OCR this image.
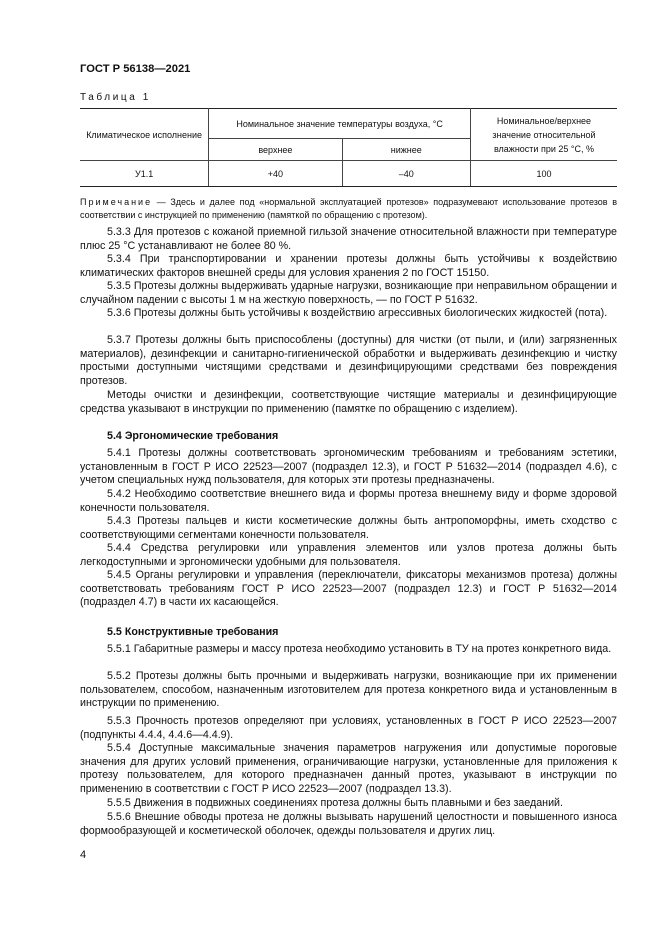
ГОСТ Р 56138—2021
Таблица 1
Климатическое исполнение	Номинальное значение температуры воздуха, °С		Номинальное/верхнее значение относительной влажности при 25 °С, %
	верхнее	нижнее	
У1.1	+40	–40	100
Примечание — Здесь и далее под «нормальной эксплуатацией протезов» подразумевают использование протезов в соответствии с инструкцией по применению (памяткой по обращению с протезом).
5.3.3 Для протезов с кожаной приемной гильзой значение относительной влажности при температуре плюс 25 °С устанавливают не более 80 %.
5.3.4 При транспортировании и хранении протезы должны быть устойчивы к воздействию климатических факторов внешней среды для условия хранения 2 по ГОСТ 15150.
5.3.5 Протезы должны выдерживать ударные нагрузки, возникающие при неправильном обращении и случайном падении с высоты 1 м на жесткую поверхность, — по ГОСТ Р 51632.
5.3.6 Протезы должны быть устойчивы к воздействию агрессивных биологических жидкостей (пота).
5.3.7 Протезы должны быть приспособлены (доступны) для чистки (от пыли, и (или) загрязненных материалов), дезинфекции и санитарно-гигиенической обработки и выдерживать дезинфекцию и чистку простыми доступными чистящими средствами и дезинфицирующими средствами без повреждения протезов.
Методы очистки и дезинфекции, соответствующие чистящие материалы и дезинфицирующие средства указывают в инструкции по применению (памятке по обращению с изделием).
5.4 Эргономические требования
5.4.1 Протезы должны соответствовать эргономическим требованиям и требованиям эстетики, установленным в ГОСТ Р ИСО 22523—2007 (подраздел 12.3), и ГОСТ Р 51632—2014 (подраздел 4.6), с учетом специальных нужд пользователя, для которых эти протезы предназначены.
5.4.2 Необходимо соответствие внешнего вида и формы протеза внешнему виду и форме здоровой конечности пользователя.
5.4.3 Протезы пальцев и кисти косметические должны быть антропоморфны, иметь сходство с соответствующими сегментами конечности пользователя.
5.4.4 Средства регулировки или управления элементов или узлов протеза должны быть легкодоступными и эргономически удобными для пользователя.
5.4.5 Органы регулировки и управления (переключатели, фиксаторы механизмов протеза) должны соответствовать требованиям ГОСТ Р ИСО 22523—2007 (подраздел 12.3) и ГОСТ Р 51632—2014 (подраздел 4.7) в части их касающейся.
5.5 Конструктивные требования
5.5.1 Габаритные размеры и массу протеза необходимо установить в ТУ на протез конкретного вида.
5.5.2 Протезы должны быть прочными и выдерживать нагрузки, возникающие при их применении пользователем, способом, назначенным изготовителем для протеза конкретного вида и установленным в инструкции по применению.
5.5.3 Прочность протезов определяют при условиях, установленных в ГОСТ Р ИСО 22523—2007 (подпункты 4.4.4, 4.4.6—4.4.9).
5.5.4 Доступные максимальные значения параметров нагружения или допустимые пороговые значения для других условий применения, ограничивающие нагрузки, установленные для приложения к протезу пользователем, для которого предназначен данный протез, указывают в инструкции по применению в соответствии с ГОСТ Р ИСО 22523—2007 (подраздел 13.3).
5.5.5 Движения в подвижных соединениях протеза должны быть плавными и без заеданий.
5.5.6 Внешние обводы протеза не должны вызывать нарушений целостности и повышенного износа формообразующей и косметической оболочек, одежды пользователя и других лиц.
4
